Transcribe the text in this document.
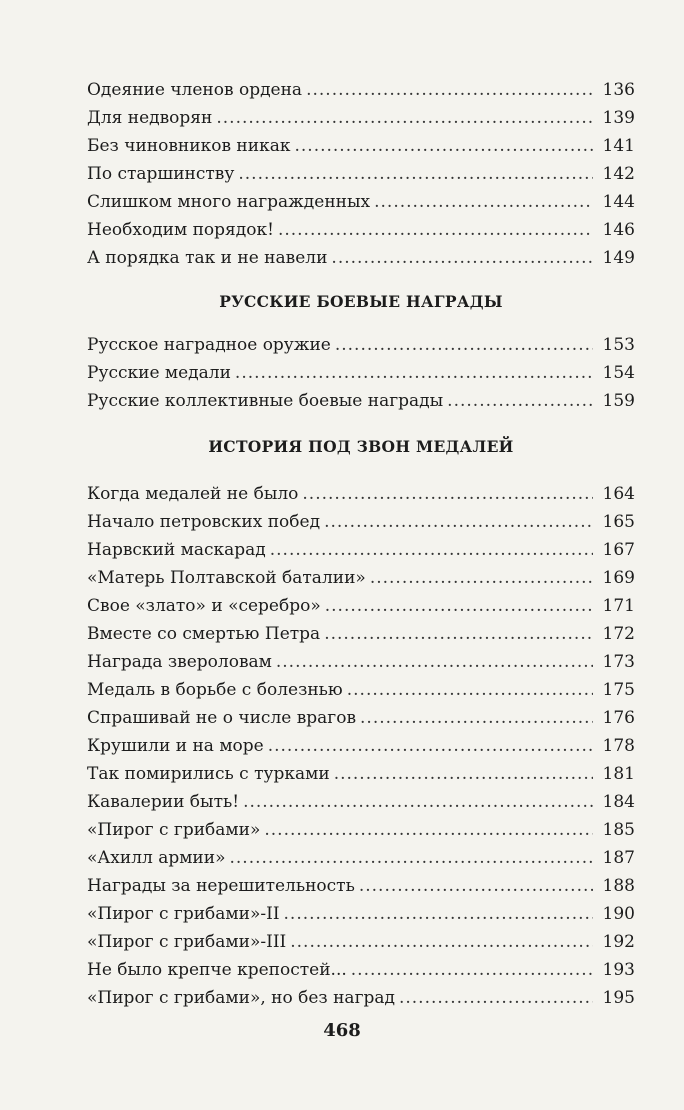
Одеяние членов ордена .....	136
Для недворян .....	139
Без чиновников никак .....	141
По старшинству .....	142
Слишком много награжденных .....	144
Необходим порядок! .....	146
А порядка так и не навели .....	149
РУССКИЕ БОЕВЫЕ НАГРАДЫ
Русское наградное оружие .....	153
Русские медали .....	154
Русские коллективные боевые награды .....	159
ИСТОРИЯ ПОД ЗВОН МЕДАЛЕЙ
Когда медалей не было .....	164
Начало петровских побед .....	165
Нарвский маскарад .....	167
«Матерь Полтавской баталии» .....	169
Свое «злато» и «серебро» .....	171
Вместе со смертью Петра .....	172
Награда звероловам .....	173
Медаль в борьбе с болезнью .....	175
Спрашивай не о числе врагов .....	176
Крушили и на море .....	178
Так помирились с турками .....	181
Кавалерии быть! .....	184
«Пирог с грибами» .....	185
«Ахилл армии» .....	187
Награды за нерешительность .....	188
«Пирог с грибами»-II .....	190
«Пирог с грибами»-III .....	192
Не было крепче крепостей... .....	193
«Пирог с грибами», но без наград .....	195
468
